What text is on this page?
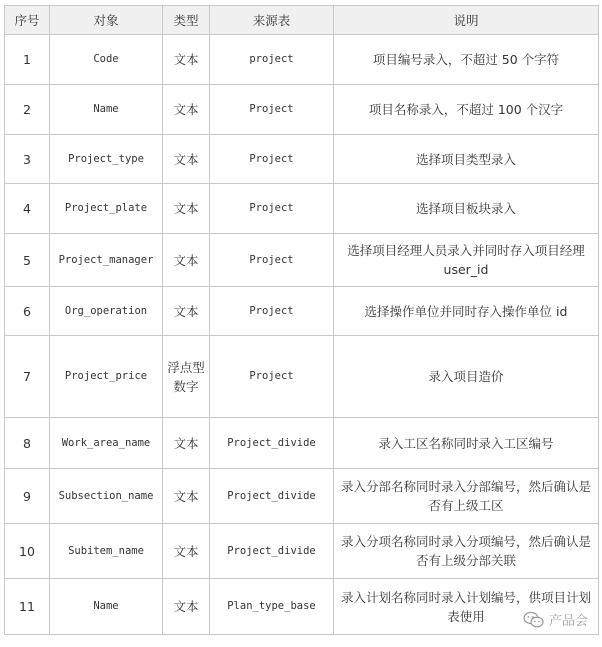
序号	对象	类型	来源表	说明
1	Code	文本	project	项目编号录入，不超过 50 个字符
2	Name	文本	Project	项目名称录入，不超过 100 个汉字
3	Project_type	文本	Project	选择项目类型录入
4	Project_plate	文本	Project	选择项目板块录入
5	Project_manager	文本	Project	选择项目经理人员录入并同时存入项目经理 user_id
6	Org_operation	文本	Project	选择操作单位并同时存入操作单位 id
7	Project_price	浮点型数字	Project	录入项目造价
8	Work_area_name	文本	Project_divide	录入工区名称同时录入工区编号
9	Subsection_name	文本	Project_divide	录入分部名称同时录入分部编号，然后确认是否有上级工区
10	Subitem_name	文本	Project_divide	录入分项名称同时录入分项编号，然后确认是否有上级分部关联
11	Name	文本	Plan_type_base	录入计划名称同时录入计划编号，供项目计划表使用	产品会
